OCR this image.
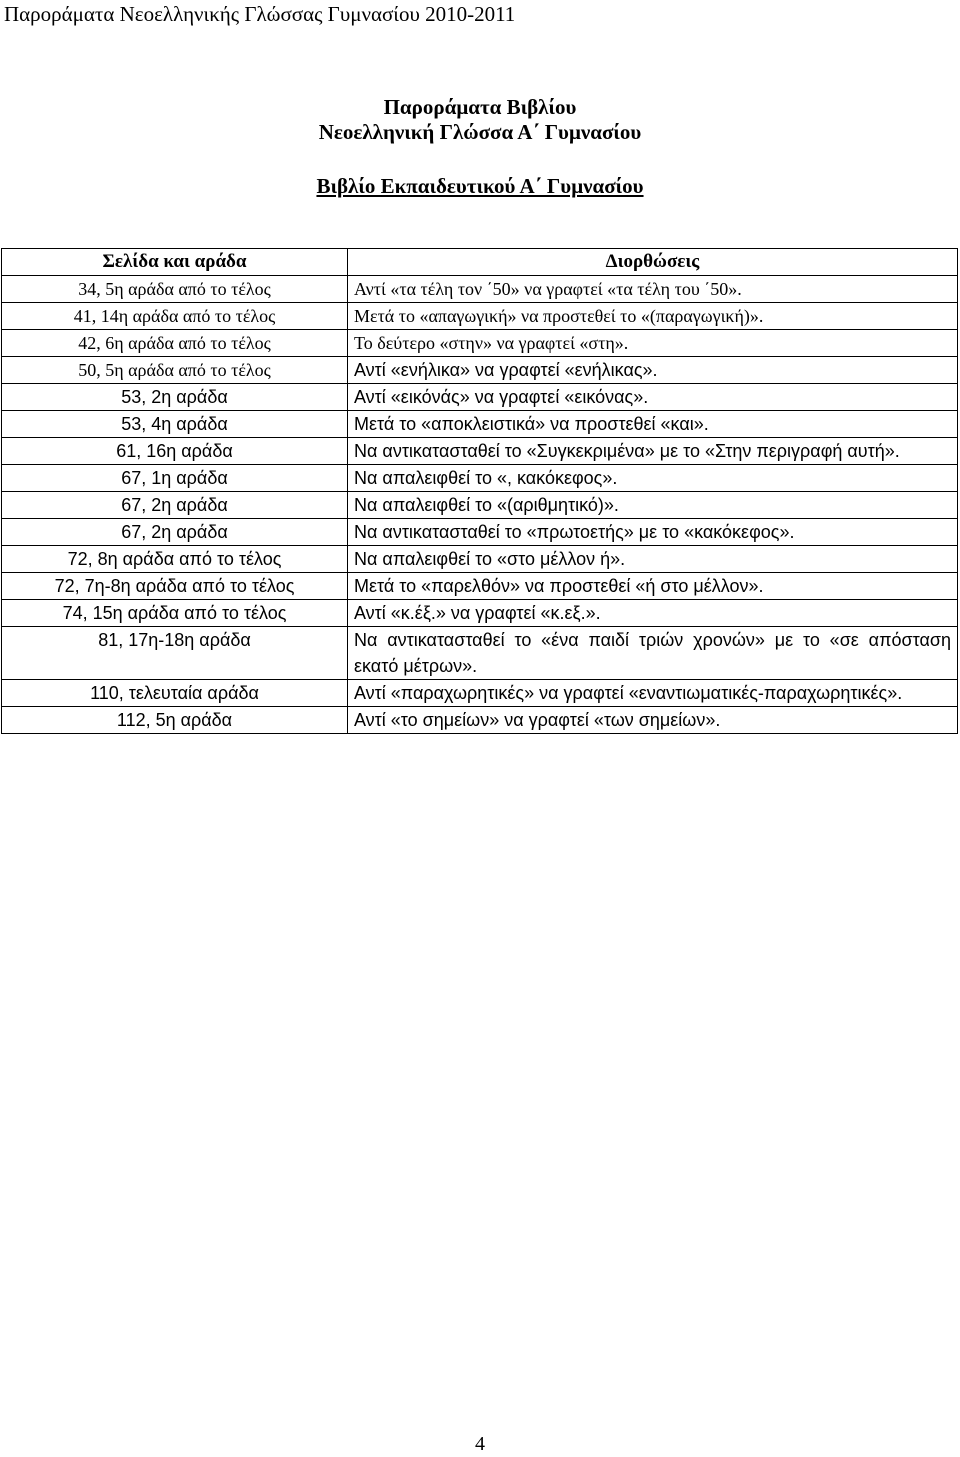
Παροράματα Νεοελληνικής Γλώσσας Γυμνασίου 2010-2011
Παροράματα Βιβλίου
Νεοελληνική Γλώσσα Α΄ Γυμνασίου
Βιβλίο Εκπαιδευτικού Α΄ Γυμνασίου
Σελίδα και αράδα	Διορθώσεις
34, 5η αράδα από το τέλος	Αντί «τα τέλη τον ΄50» να γραφτεί «τα τέλη του ΄50».
41, 14η αράδα από το τέλος	Μετά το «απαγωγική» να προστεθεί το «(παραγωγική)».
42, 6η αράδα από το τέλος	Το δεύτερο «στην» να γραφτεί «στη».
50, 5η αράδα από το τέλος	Αντί «ενήλικα» να γραφτεί «ενήλικας».
53, 2η αράδα	Αντί «εικόνάς» να γραφτεί «εικόνας».
53, 4η αράδα	Μετά το «αποκλειστικά» να προστεθεί «και».
61, 16η αράδα	Να αντικατασταθεί το «Συγκεκριμένα» με το «Στην περιγραφή αυτή».
67, 1η αράδα	Να απαλειφθεί το «, κακόκεφος».
67, 2η αράδα	Να απαλειφθεί το «(αριθμητικό)».
67, 2η αράδα	Να αντικατασταθεί το «πρωτοετής» με το «κακόκεφος».
72, 8η αράδα από το τέλος	Να απαλειφθεί το «στο μέλλον ή».
72, 7η-8η αράδα από το τέλος	Μετά το «παρελθόν» να προστεθεί «ή στο μέλλον».
74, 15η αράδα από το τέλος	Αντί «κ.έξ.» να γραφτεί «κ.εξ.».
81, 17η-18η αράδα	Να αντικατασταθεί το «ένα παιδί τριών χρονών» με το «σε απόσταση εκατό μέτρων».
110, τελευταία αράδα	Αντί «παραχωρητικές» να γραφτεί «εναντιωματικές-παραχωρητικές».
112, 5η αράδα	Αντί «το σημείων» να γραφτεί «των σημείων».
4
